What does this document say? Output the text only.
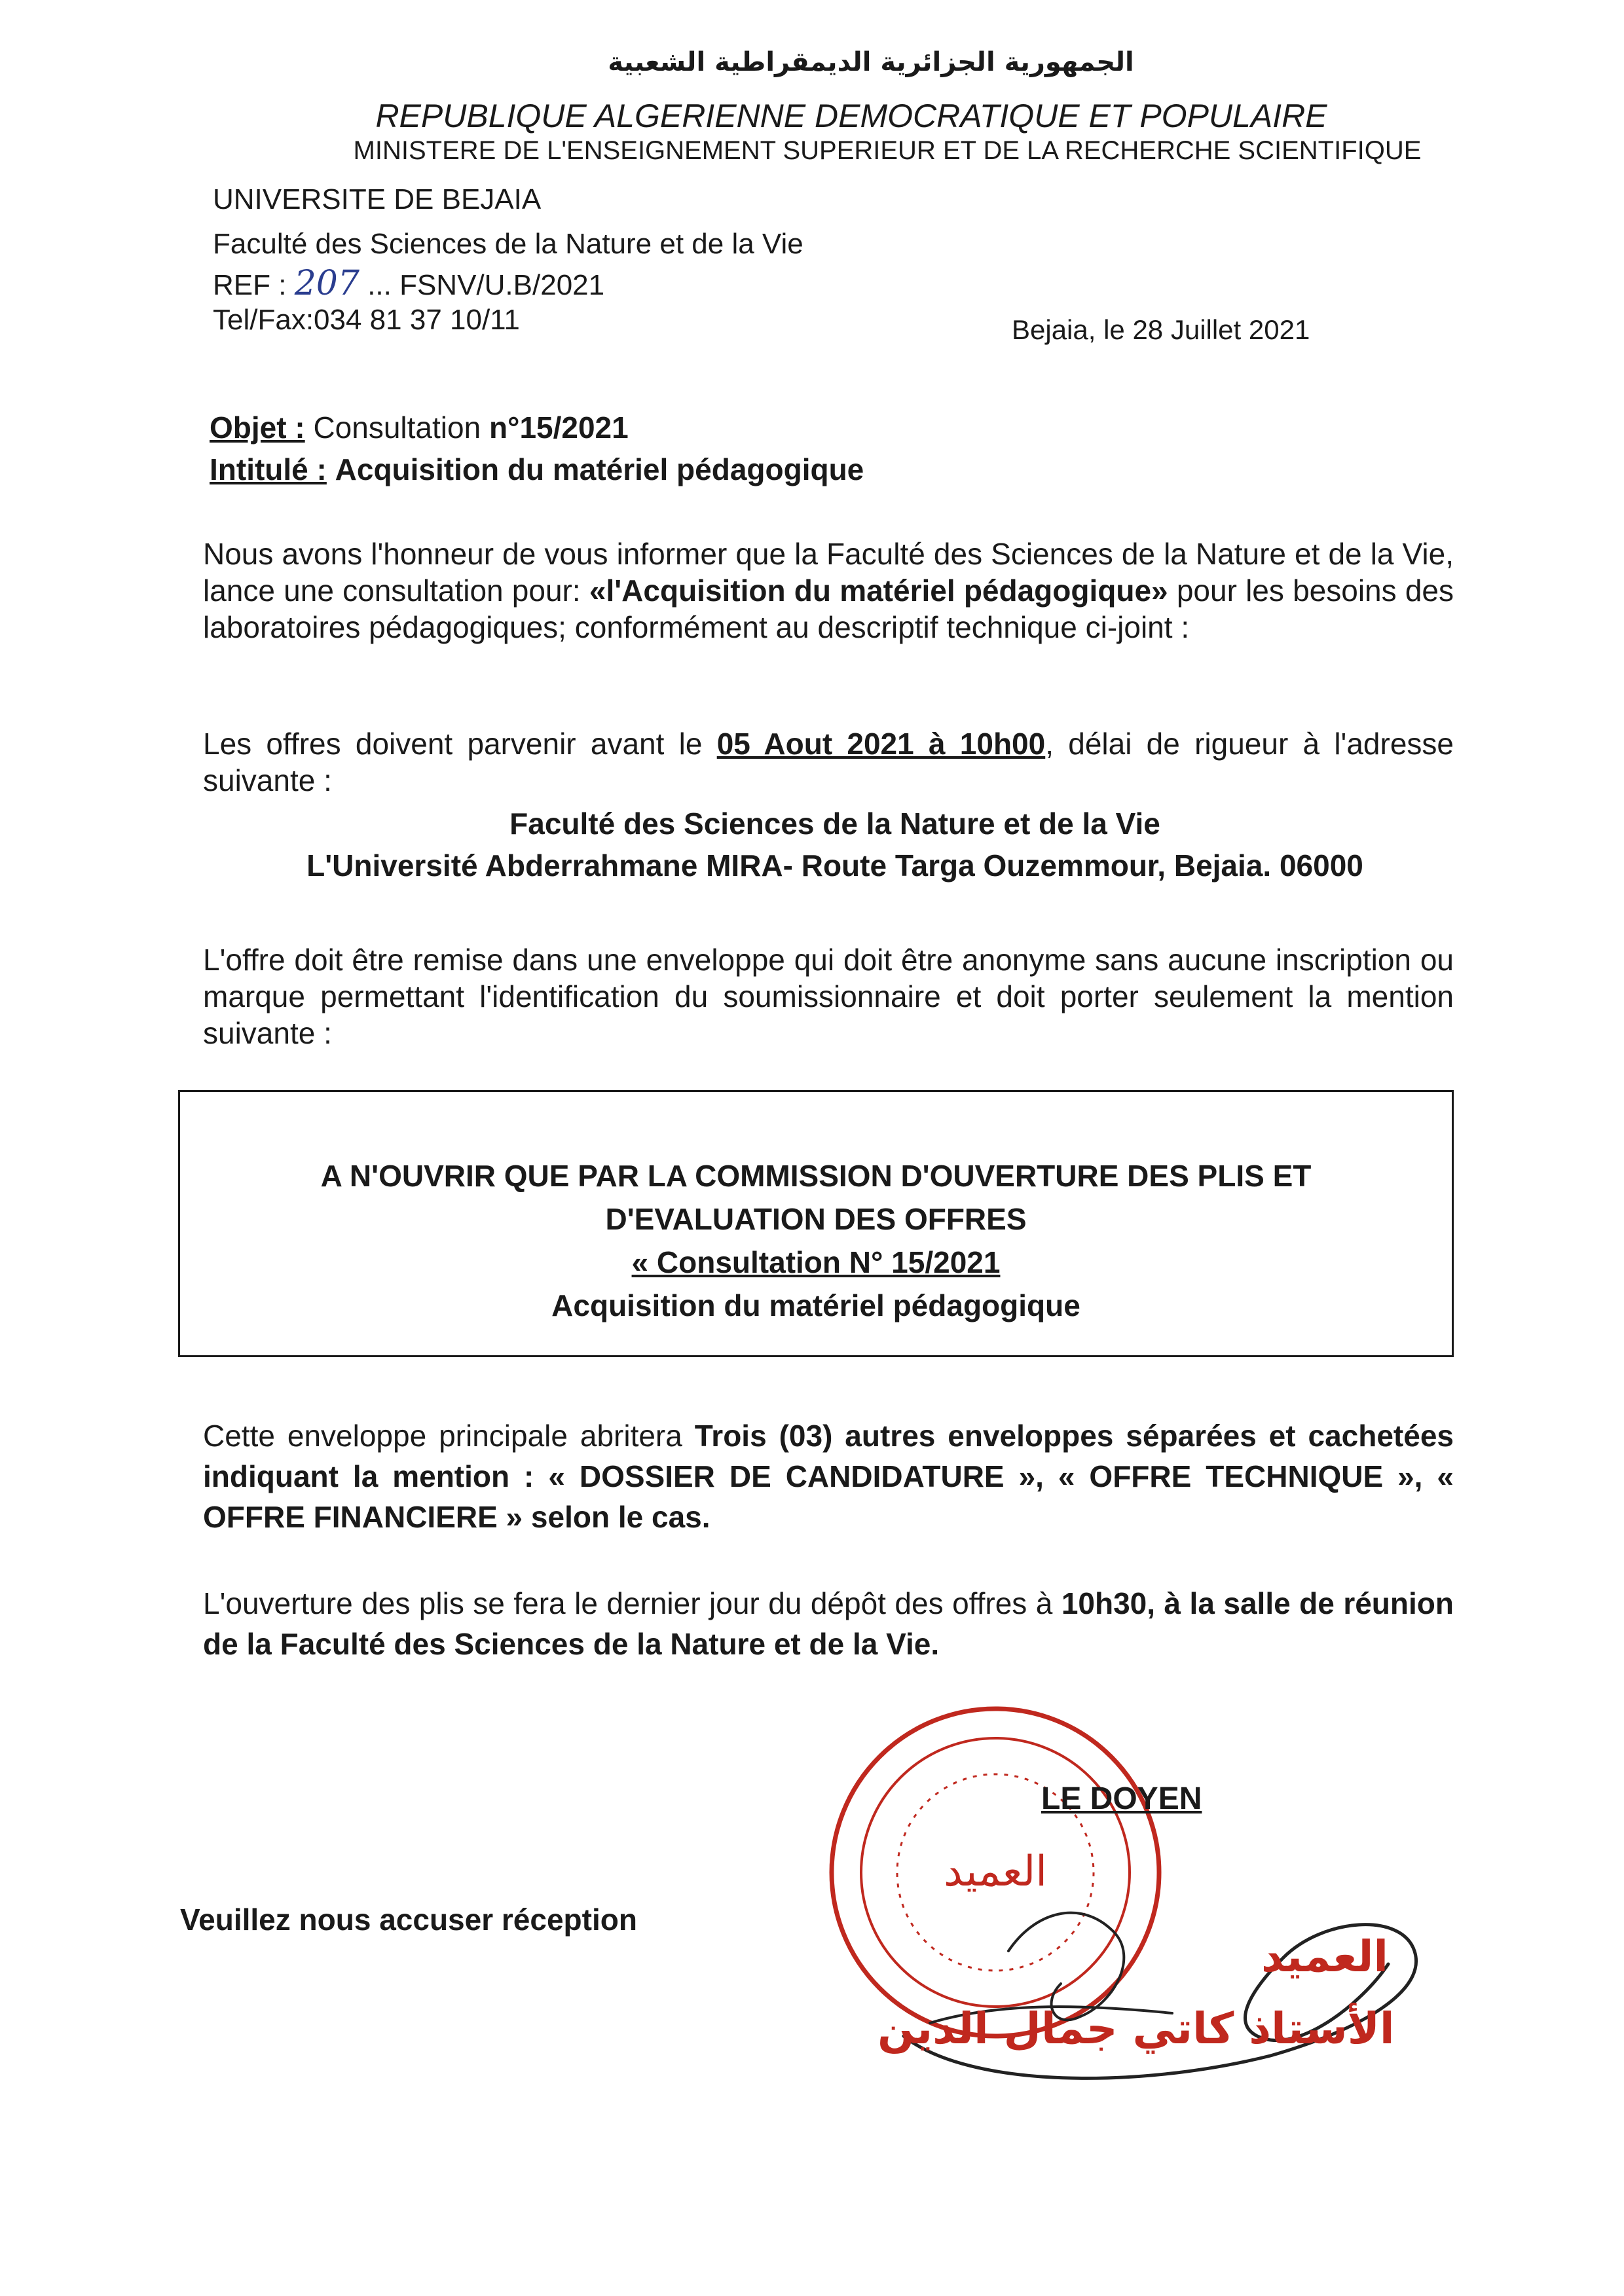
الجمهورية الجزائرية الديمقراطية الشعبية
REPUBLIQUE ALGERIENNE DEMOCRATIQUE ET POPULAIRE
MINISTERE DE L'ENSEIGNEMENT SUPERIEUR ET DE LA RECHERCHE SCIENTIFIQUE
UNIVERSITE DE BEJAIA
Faculté des Sciences de la Nature et de la Vie
REF : 207 ... FSNV/U.B/2021
Tel/Fax:034 81 37 10/11	Bejaia, le 28 Juillet 2021
Objet : Consultation n°15/2021
Intitulé : Acquisition du matériel pédagogique
Nous avons l'honneur de vous informer que la Faculté des Sciences de la Nature et de la Vie, lance une consultation pour: «l'Acquisition du matériel pédagogique» pour les besoins des laboratoires pédagogiques; conformément au descriptif technique ci-joint :
Les offres doivent parvenir avant le 05 Aout 2021 à 10h00, délai de rigueur à l'adresse suivante :
Faculté des Sciences de la Nature et de la Vie
L'Université Abderrahmane MIRA- Route Targa Ouzemmour, Bejaia. 06000
L'offre doit être remise dans une enveloppe qui doit être anonyme sans aucune inscription ou marque permettant l'identification du soumissionnaire et doit porter seulement la mention suivante :
A N'OUVRIR QUE PAR LA COMMISSION D'OUVERTURE DES PLIS ET
D'EVALUATION DES OFFRES
« Consultation N° 15/2021
Acquisition du matériel pédagogique
Cette enveloppe principale abritera Trois (03) autres enveloppes séparées et cachetées indiquant la mention : « DOSSIER DE CANDIDATURE », « OFFRE TECHNIQUE », « OFFRE FINANCIERE » selon le cas.
L'ouverture des plis se fera le dernier jour du dépôt des offres à 10h30, à la salle de réunion de la Faculté des Sciences de la Nature et de la Vie.
العميد
LE DOYEN
Veuillez nous accuser réception
العميد
الأستاذ كاتي جمال الدين
